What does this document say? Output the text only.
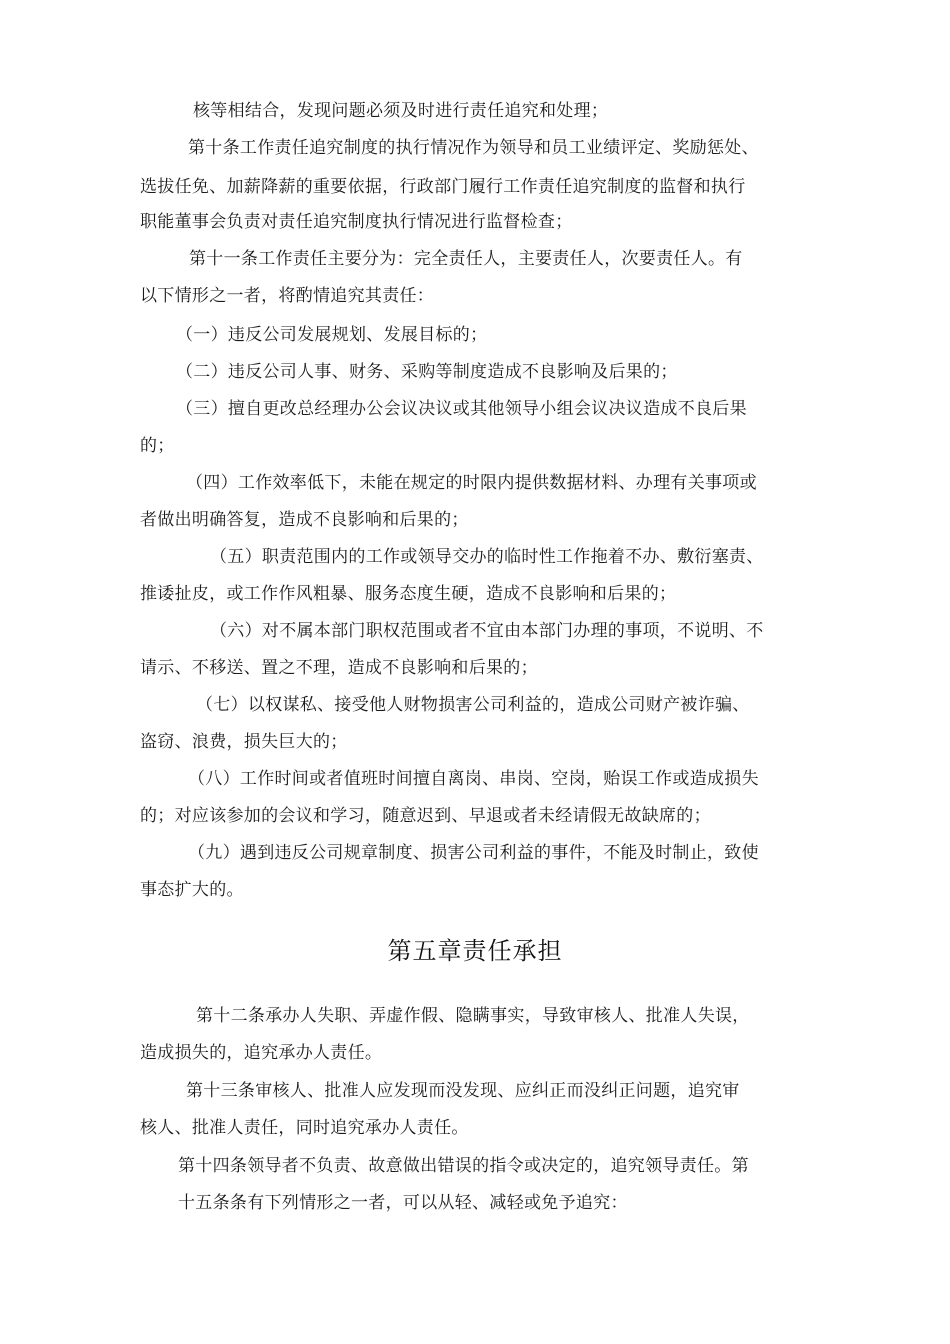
核等相结合，发现问题必须及时进行责任追究和处理；
第十条工作责任追究制度的执行情况作为领导和员工业绩评定、奖励惩处、
选拔任免、加薪降薪的重要依据，行政部门履行工作责任追究制度的监督和执行
职能董事会负责对责任追究制度执行情况进行监督检查；
第十一条工作责任主要分为：完全责任人，主要责任人，次要责任人。有
以下情形之一者，将酌情追究其责任：
（一）违反公司发展规划、发展目标的；
（二）违反公司人事、财务、采购等制度造成不良影响及后果的；
（三）擅自更改总经理办公会议决议或其他领导小组会议决议造成不良后果
的；
（四）工作效率低下，未能在规定的时限内提供数据材料、办理有关事项或
者做出明确答复，造成不良影响和后果的；
（五）职责范围内的工作或领导交办的临时性工作拖着不办、敷衍塞责、
推诿扯皮，或工作作风粗暴、服务态度生硬，造成不良影响和后果的；
（六）对不属本部门职权范围或者不宜由本部门办理的事项，不说明、不
请示、不移送、置之不理，造成不良影响和后果的；
（七）以权谋私、接受他人财物损害公司利益的，造成公司财产被诈骗、
盗窃、浪费，损失巨大的；
（八）工作时间或者值班时间擅自离岗、串岗、空岗，贻误工作或造成损失
的；对应该参加的会议和学习，随意迟到、早退或者未经请假无故缺席的；
（九）遇到违反公司规章制度、损害公司利益的事件，不能及时制止，致使
事态扩大的。
第五章责任承担
第十二条承办人失职、弄虚作假、隐瞒事实，导致审核人、批准人失误，
造成损失的，追究承办人责任。
第十三条审核人、批准人应发现而没发现、应纠正而没纠正问题，追究审
核人、批准人责任，同时追究承办人责任。
第十四条领导者不负责、故意做出错误的指令或决定的，追究领导责任。第
十五条条有下列情形之一者，可以从轻、减轻或免予追究：
